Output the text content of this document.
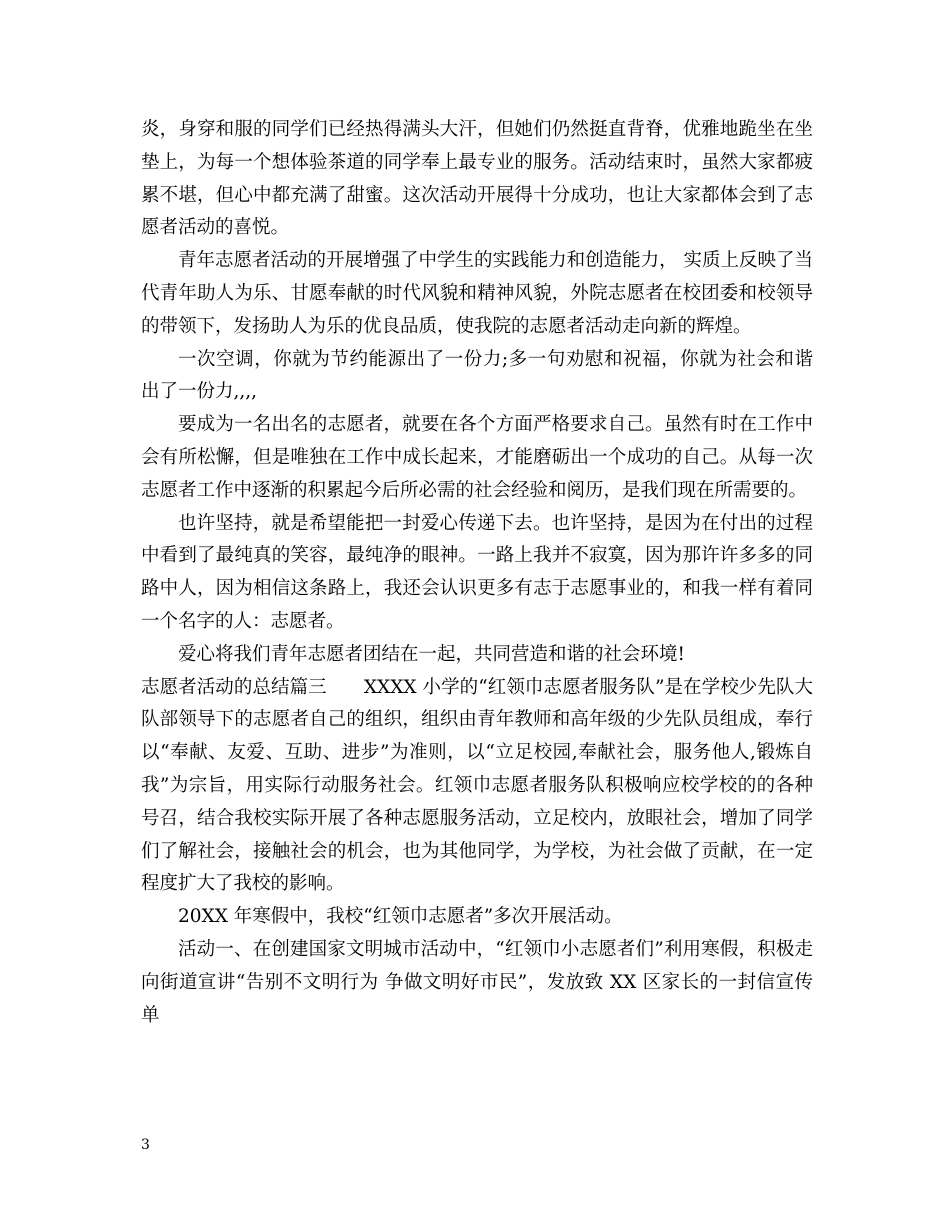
炎，身穿和服的同学们已经热得满头大汗，但她们仍然挺直背脊，优雅地跪坐在坐垫上，为每一个想体验茶道的同学奉上最专业的服务。活动结束时，虽然大家都疲累不堪，但心中都充满了甜蜜。这次活动开展得十分成功，也让大家都体会到了志愿者活动的喜悦。

青年志愿者活动的开展增强了中学生的实践能力和创造能力， 实质上反映了当代青年助人为乐、甘愿奉献的时代风貌和精神风貌，外院志愿者在校团委和校领导的带领下，发扬助人为乐的优良品质，使我院的志愿者活动走向新的辉煌。

一次空调，你就为节约能源出了一份力;多一句劝慰和祝福，你就为社会和谐出了一份力,,,,

要成为一名出名的志愿者，就要在各个方面严格要求自己。虽然有时在工作中会有所松懈，但是唯独在工作中成长起来，才能磨砺出一个成功的自己。从每一次志愿者工作中逐渐的积累起今后所必需的社会经验和阅历，是我们现在所需要的。

也许坚持，就是希望能把一封爱心传递下去。也许坚持，是因为在付出的过程中看到了最纯真的笑容，最纯净的眼神。一路上我并不寂寞，因为那许许多多的同路中人，因为相信这条路上，我还会认识更多有志于志愿事业的，和我一样有着同一个名字的人：志愿者。

爱心将我们青年志愿者团结在一起，共同营造和谐的社会环境!

志愿者活动的总结篇三　　XXXX 小学的“红领巾志愿者服务队”是在学校少先队大队部领导下的志愿者自己的组织，组织由青年教师和高年级的少先队员组成，奉行以“奉献、友爱、互助、进步”为准则，以“立足校园,奉献社会，服务他人,锻炼自我”为宗旨，用实际行动服务社会。红领巾志愿者服务队积极响应校学校的的各种号召，结合我校实际开展了各种志愿服务活动，立足校内，放眼社会，增加了同学们了解社会，接触社会的机会，也为其他同学，为学校，为社会做了贡献，在一定程度扩大了我校的影响。

20XX 年寒假中，我校“红领巾志愿者”多次开展活动。

活动一、在创建国家文明城市活动中，“红领巾小志愿者们”利用寒假，积极走向街道宣讲“告别不文明行为 争做文明好市民”，发放致 XX 区家长的一封信宣传单

3
